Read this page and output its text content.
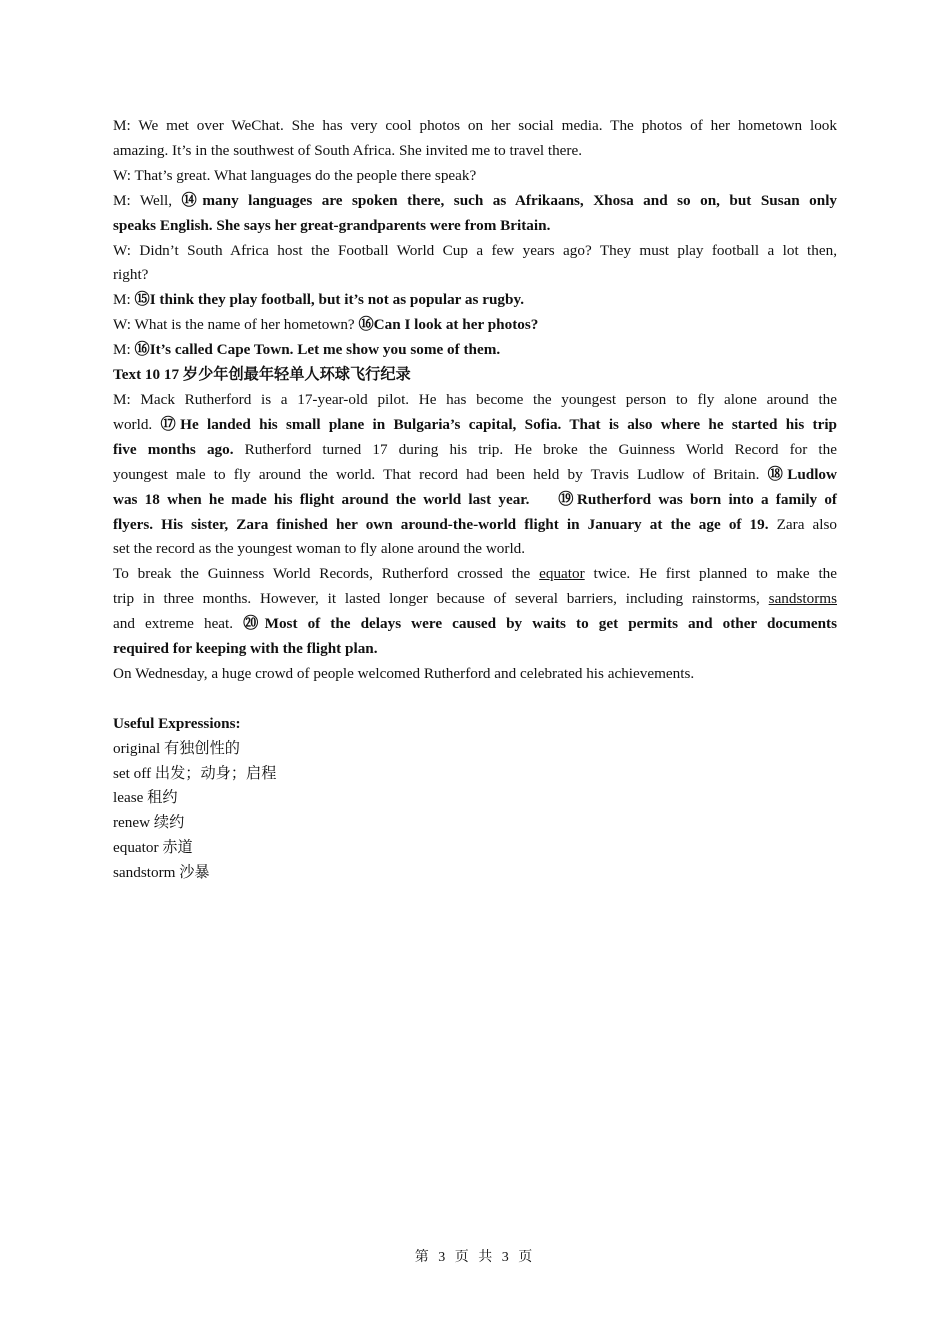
M: We met over WeChat. She has very cool photos on her social media. The photos of her hometown look
amazing. It’s in the southwest of South Africa. She invited me to travel there.

W: That’s great. What languages do the people there speak?

M: Well, ⑭many languages are spoken there, such as Afrikaans, Xhosa and so on, but Susan only
speaks English. She says her great-grandparents were from Britain.

W: Didn’t South Africa host the Football World Cup a few years ago? They must play football a lot then,
right?

M: ⑮I think they play football, but it’s not as popular as rugby.

W: What is the name of her hometown? ⑯Can I look at her photos?

M: ⑯It’s called Cape Town. Let me show you some of them.

Text 10 17 岁少年创最年轻单人环球飞行纪录

M: Mack Rutherford is a 17-year-old pilot. He has become the youngest person to fly alone around the
world. ⑰He landed his small plane in Bulgaria’s capital, Sofia. That is also where he started his trip
five months ago. Rutherford turned 17 during his trip. He broke the Guinness World Record for the
youngest male to fly around the world. That record had been held by Travis Ludlow of Britain. ⑱Ludlow
was 18 when he made his flight around the world last year. ⑲Rutherford was born into a family of
flyers. His sister, Zara finished her own around-the-world flight in January at the age of 19. Zara also
set the record as the youngest woman to fly alone around the world.

To break the Guinness World Records, Rutherford crossed the equator twice. He first planned to make the
trip in three months. However, it lasted longer because of several barriers, including rainstorms, sandstorms
and extreme heat. ⑳Most of the delays were caused by waits to get permits and other documents
required for keeping with the flight plan.

On Wednesday, a huge crowd of people welcomed Rutherford and celebrated his achievements.

Useful Expressions:

original 有独创性的
set off 出发；动身；启程
lease 租约
renew 续约
equator 赤道
sandstorm 沙暴
第 3 页 共 3 页
